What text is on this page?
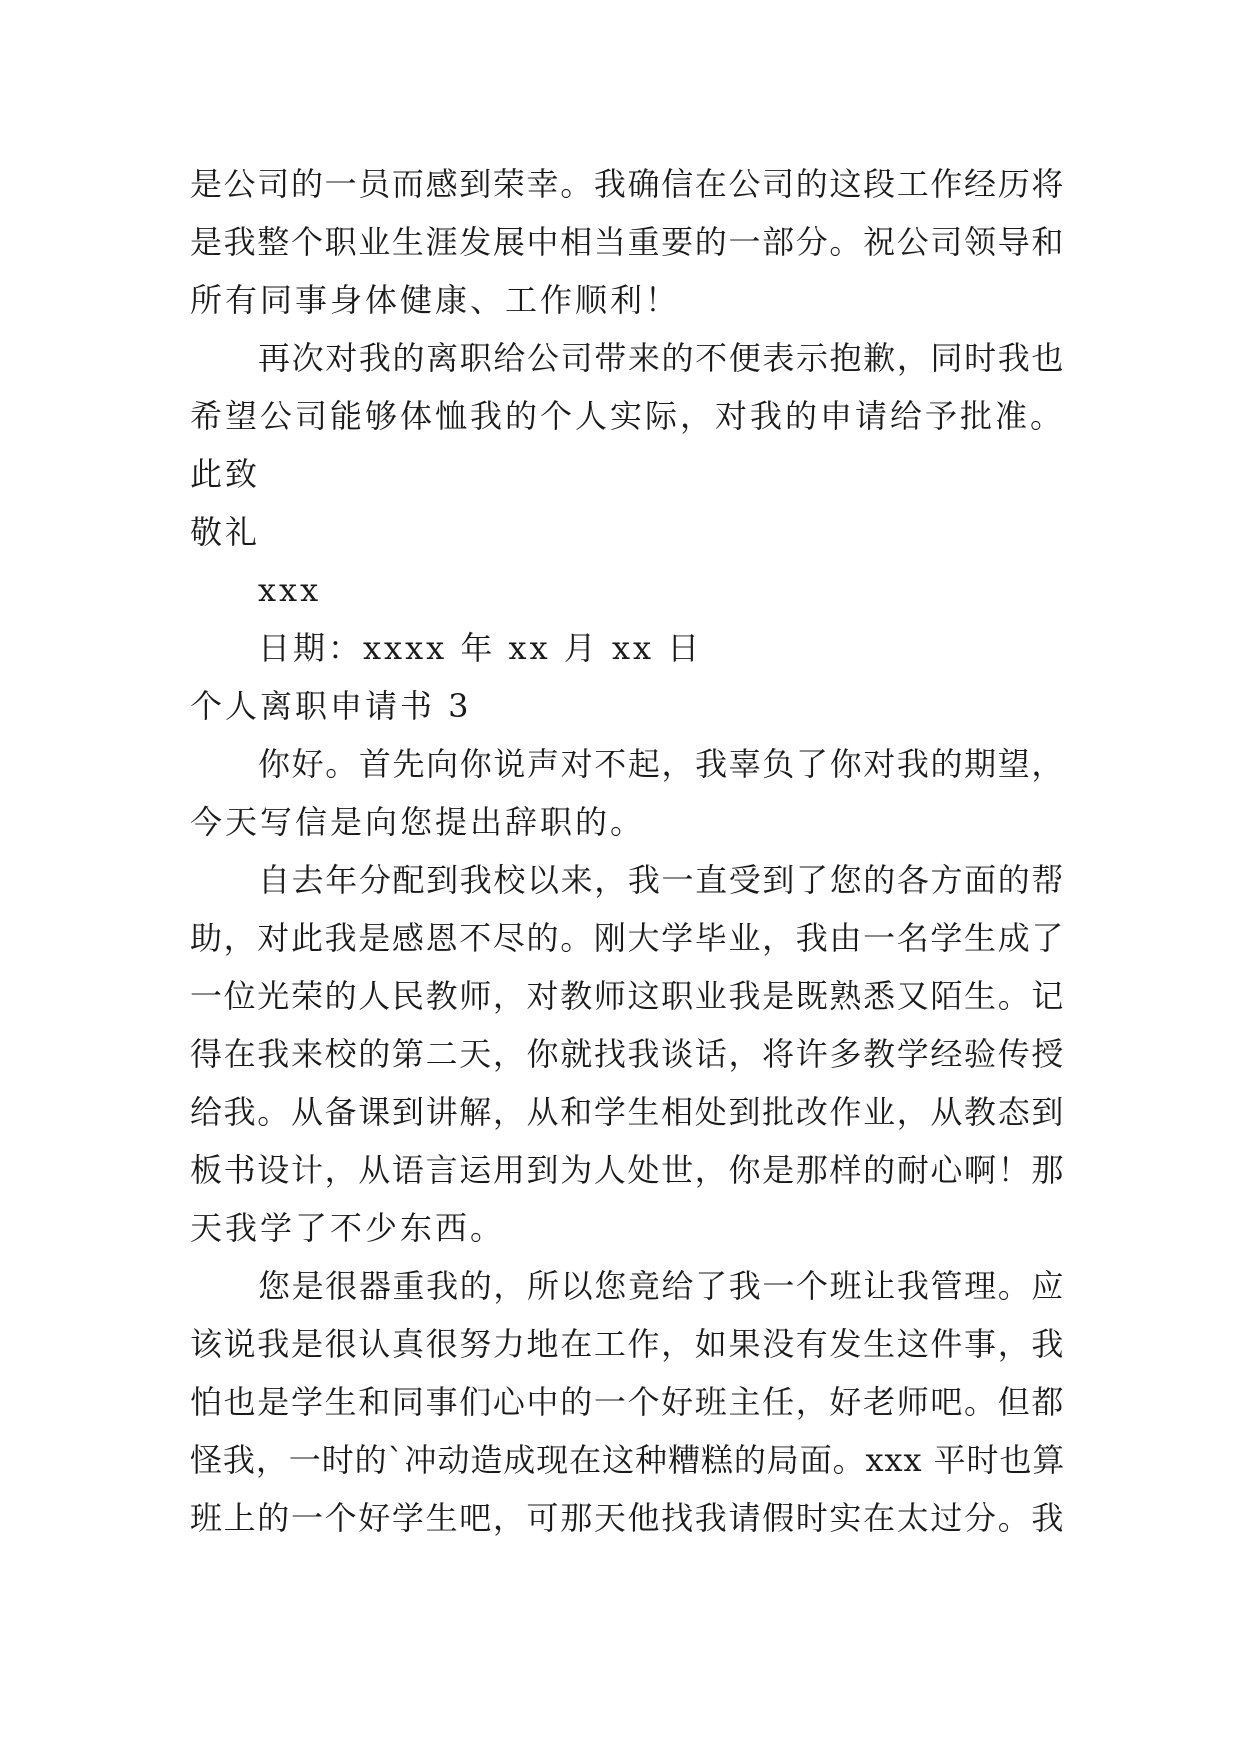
是公司的一员而感到荣幸。我确信在公司的这段工作经历将

是我整个职业生涯发展中相当重要的一部分。祝公司领导和

所有同事身体健康、工作顺利！

再次对我的离职给公司带来的不便表示抱歉，同时我也

希望公司能够体恤我的个人实际，对我的申请给予批准。

此致

敬礼

xxx

日期：xxxx 年 xx 月 xx 日

个人离职申请书 3

你好。首先向你说声对不起，我辜负了你对我的期望，

今天写信是向您提出辞职的。

自去年分配到我校以来，我一直受到了您的各方面的帮

助，对此我是感恩不尽的。刚大学毕业，我由一名学生成了

一位光荣的人民教师，对教师这职业我是既熟悉又陌生。记

得在我来校的第二天，你就找我谈话，将许多教学经验传授

给我。从备课到讲解，从和学生相处到批改作业，从教态到

板书设计，从语言运用到为人处世，你是那样的耐心啊！那

天我学了不少东西。

您是很器重我的，所以您竟给了我一个班让我管理。应

该说我是很认真很努力地在工作，如果没有发生这件事，我

怕也是学生和同事们心中的一个好班主任，好老师吧。但都

怪我，一时的`冲动造成现在这种糟糕的局面。xxx 平时也算

班上的一个好学生吧，可那天他找我请假时实在太过分。我
